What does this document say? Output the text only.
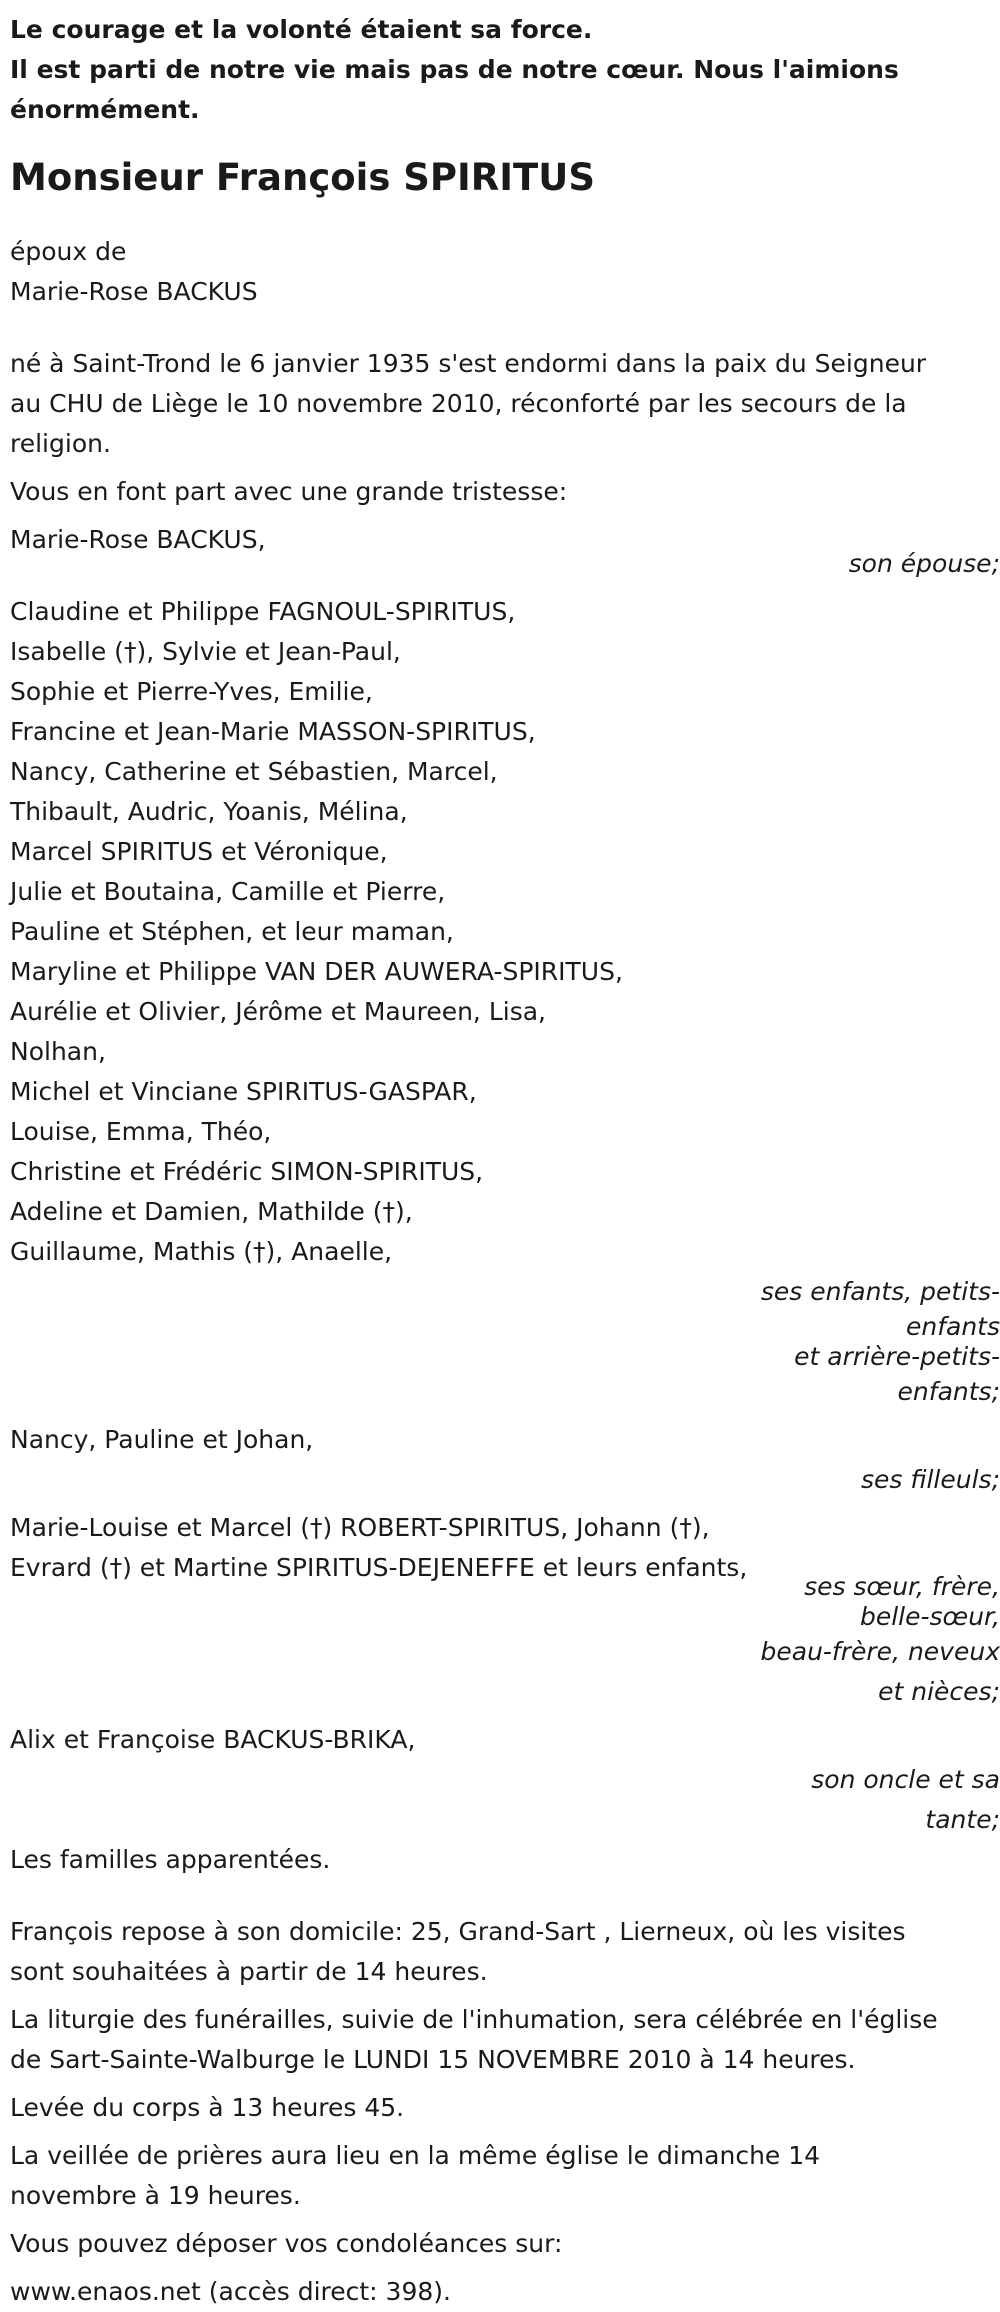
Le courage et la volonté étaient sa force.

Il est parti de notre vie mais pas de notre cœur. Nous l'aimions

énormément.

Monsieur François SPIRITUS

époux de

Marie-Rose BACKUS

né à Saint-Trond le 6 janvier 1935 s'est endormi dans la paix du Seigneur

au CHU de Liège le 10 novembre 2010, réconforté par les secours de la

religion.

Vous en font part avec une grande tristesse:

Marie-Rose BACKUS,

son épouse;

Claudine et Philippe FAGNOUL-SPIRITUS,

Isabelle (†), Sylvie et Jean-Paul,

Sophie et Pierre-Yves, Emilie,

Francine et Jean-Marie MASSON-SPIRITUS,

Nancy, Catherine et Sébastien, Marcel,

Thibault, Audric, Yoanis, Mélina,

Marcel SPIRITUS et Véronique,

Julie et Boutaina, Camille et Pierre,

Pauline et Stéphen, et leur maman,

Maryline et Philippe VAN DER AUWERA-SPIRITUS,

Aurélie et Olivier, Jérôme et Maureen, Lisa,

Nolhan,

Michel et Vinciane SPIRITUS-GASPAR,

Louise, Emma, Théo,

Christine et Frédéric SIMON-SPIRITUS,

Adeline et Damien, Mathilde (†),

Guillaume, Mathis (†), Anaelle,

ses enfants, petits-

enfants

et arrière-petits-

enfants;

Nancy, Pauline et Johan,

ses filleuls;

Marie-Louise et Marcel (†) ROBERT-SPIRITUS, Johann (†),

Evrard (†) et Martine SPIRITUS-DEJENEFFE et leurs enfants,

ses sœur, frère,

belle-sœur,

beau-frère, neveux

et nièces;

Alix et Françoise BACKUS-BRIKA,

son oncle et sa

tante;

Les familles apparentées.

François repose à son domicile: 25, Grand-Sart , Lierneux, où les visites

sont souhaitées à partir de 14 heures.

La liturgie des funérailles, suivie de l'inhumation, sera célébrée en l'église

de Sart-Sainte-Walburge le LUNDI 15 NOVEMBRE 2010 à 14 heures.

Levée du corps à 13 heures 45.

La veillée de prières aura lieu en la même église le dimanche 14

novembre à 19 heures.

Vous pouvez déposer vos condoléances sur:

www.enaos.net (accès direct: 398).
